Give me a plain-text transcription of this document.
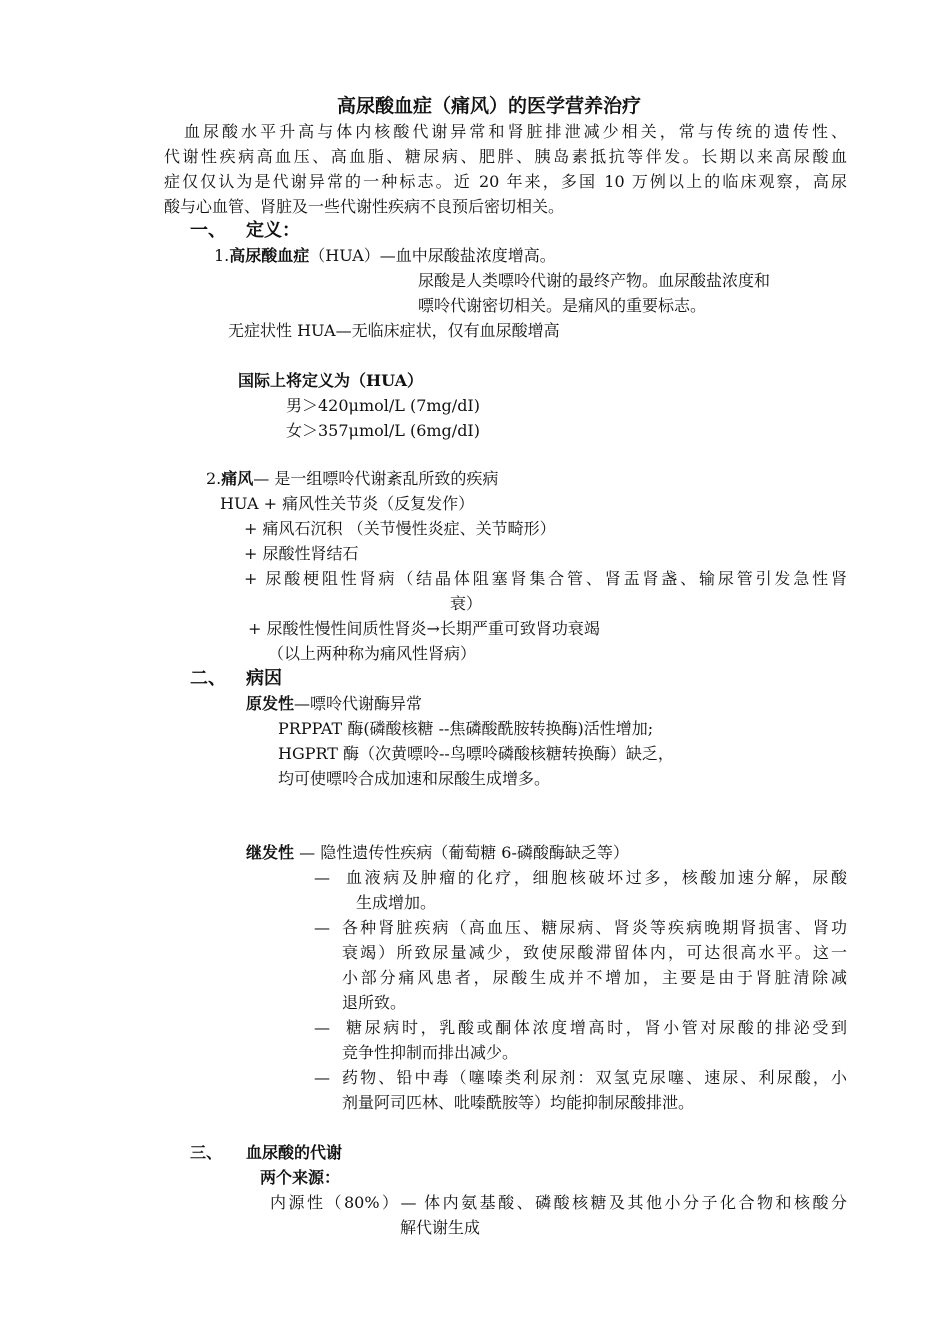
高尿酸血症（痛风）的医学营养治疗
血尿酸水平升高与体内核酸代谢异常和肾脏排泄减少相关，常与传统的遗传性、
代谢性疾病高血压、高血脂、糖尿病、肥胖、胰岛素抵抗等伴发。长期以来高尿酸血
症仅仅认为是代谢异常的一种标志。近 20 年来，多国 10 万例以上的临床观察，高尿
酸与心血管、肾脏及一些代谢性疾病不良预后密切相关。
一、 定义：
1.高尿酸血症（HUA）—血中尿酸盐浓度增高。
尿酸是人类嘌呤代谢的最终产物。血尿酸盐浓度和
嘌呤代谢密切相关。是痛风的重要标志。
无症状性 HUA—无临床症状，仅有血尿酸增高
国际上将定义为（HUA）
男＞420μmol/L (7mg/dI)
女＞357μmol/L (6mg/dI)
2.痛风— 是一组嘌呤代谢紊乱所致的疾病
HUA + 痛风性关节炎（反复发作）
+ 痛风石沉积 （关节慢性炎症、关节畸形）
+ 尿酸性肾结石
+ 尿酸梗阻性肾病（结晶体阻塞肾集合管、肾盂肾盏、输尿管引发急性肾
衰）
+ 尿酸性慢性间质性肾炎→长期严重可致肾功衰竭
（以上两种称为痛风性肾病）
二、 病因
原发性—嘌呤代谢酶异常
PRPPAT 酶(磷酸核糖 --焦磷酸酰胺转换酶)活性增加;
HGPRT 酶（次黄嘌呤--鸟嘌呤磷酸核糖转换酶）缺乏，
均可使嘌呤合成加速和尿酸生成增多。
继发性 — 隐性遗传性疾病（葡萄糖 6-磷酸酶缺乏等）
— 血液病及肿瘤的化疗，细胞核破坏过多，核酸加速分解，尿酸
生成增加。
— 各种肾脏疾病（高血压、糖尿病、肾炎等疾病晚期肾损害、肾功
衰竭）所致尿量减少，致使尿酸滞留体内，可达很高水平。这一
小部分痛风患者，尿酸生成并不增加，主要是由于肾脏清除减
退所致。
— 糖尿病时，乳酸或酮体浓度增高时，肾小管对尿酸的排泌受到
竞争性抑制而排出减少。
— 药物、铅中毒（噻嗪类利尿剂：双氢克尿噻、速尿、利尿酸，小
剂量阿司匹林、吡嗪酰胺等）均能抑制尿酸排泄。
三、 血尿酸的代谢
两个来源：
内源性（80%）— 体内氨基酸、磷酸核糖及其他小分子化合物和核酸分
解代谢生成
